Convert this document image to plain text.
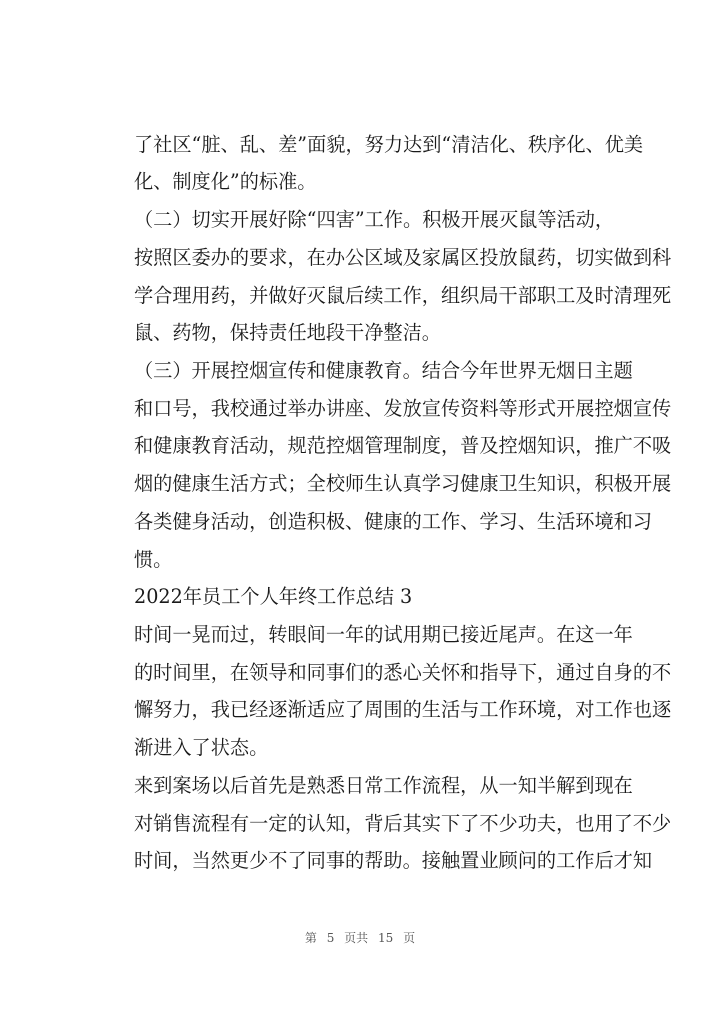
了社区“脏、乱、差”面貌，努力达到“清洁化、秩序化、优美
化、制度化”的标准。
（二）切实开展好除“四害”工作。积极开展灭鼠等活动，
按照区委办的要求，在办公区域及家属区投放鼠药，切实做到科
学合理用药，并做好灭鼠后续工作，组织局干部职工及时清理死
鼠、药物，保持责任地段干净整洁。
（三）开展控烟宣传和健康教育。结合今年世界无烟日主题
和口号，我校通过举办讲座、发放宣传资料等形式开展控烟宣传
和健康教育活动，规范控烟管理制度，普及控烟知识，推广不吸
烟的健康生活方式；全校师生认真学习健康卫生知识，积极开展
各类健身活动，创造积极、健康的工作、学习、生活环境和习
惯。
2022年员工个人年终工作总结 3
时间一晃而过，转眼间一年的试用期已接近尾声。在这一年
的时间里，在领导和同事们的悉心关怀和指导下，通过自身的不
懈努力，我已经逐渐适应了周围的生活与工作环境，对工作也逐
渐进入了状态。
来到案场以后首先是熟悉日常工作流程，从一知半解到现在
对销售流程有一定的认知，背后其实下了不少功夫，也用了不少
时间，当然更少不了同事的帮助。接触置业顾问的工作后才知
第 5 页共 15 页
